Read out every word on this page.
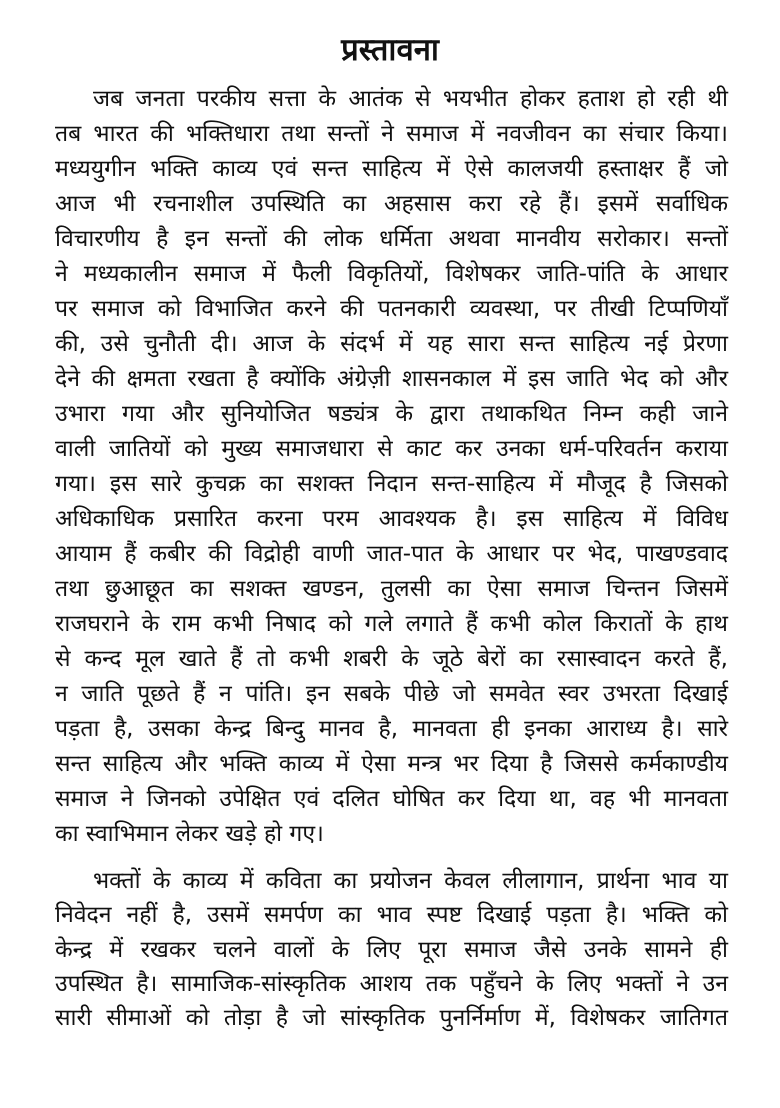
प्रस्तावना
जब जनता परकीय सत्ता के आतंक से भयभीत होकर हताश हो रही थी
तब भारत की भक्तिधारा तथा सन्तों ने समाज में नवजीवन का संचार किया।
मध्ययुगीन भक्ति काव्य एवं सन्त साहित्य में ऐसे कालजयी हस्ताक्षर हैं जो
आज भी रचनाशील उपस्थिति का अहसास करा रहे हैं। इसमें सर्वाधिक
विचारणीय है इन सन्तों की लोक धर्मिता अथवा मानवीय सरोकार। सन्तों
ने मध्यकालीन समाज में फैली विकृतियों, विशेषकर जाति-पांति के आधार
पर समाज को विभाजित करने की पतनकारी व्यवस्था, पर तीखी टिप्पणियाँ
की, उसे चुनौती दी। आज के संदर्भ में यह सारा सन्त साहित्य नई प्रेरणा
देने की क्षमता रखता है क्योंकि अंग्रेज़ी शासनकाल में इस जाति भेद को और
उभारा गया और सुनियोजित षड्यंत्र के द्वारा तथाकथित निम्न कही जाने
वाली जातियों को मुख्य समाजधारा से काट कर उनका धर्म-परिवर्तन कराया
गया। इस सारे कुचक्र का सशक्त निदान सन्त-साहित्य में मौजूद है जिसको
अधिकाधिक प्रसारित करना परम आवश्यक है। इस साहित्य में विविध
आयाम हैं कबीर की विद्रोही वाणी जात-पात के आधार पर भेद, पाखण्डवाद
तथा छुआछूत का सशक्त खण्डन, तुलसी का ऐसा समाज चिन्तन जिसमें
राजघराने के राम कभी निषाद को गले लगाते हैं कभी कोल किरातों के हाथ
से कन्द मूल खाते हैं तो कभी शबरी के जूठे बेरों का रसास्वादन करते हैं,
न जाति पूछते हैं न पांति। इन सबके पीछे जो समवेत स्वर उभरता दिखाई
पड़ता है, उसका केन्द्र बिन्दु मानव है, मानवता ही इनका आराध्य है। सारे
सन्त साहित्य और भक्ति काव्य में ऐसा मन्त्र भर दिया है जिससे कर्मकाण्डीय
समाज ने जिनको उपेक्षित एवं दलित घोषित कर दिया था, वह भी मानवता
का स्वाभिमान लेकर खड़े हो गए।
भक्तों के काव्य में कविता का प्रयोजन केवल लीलागान, प्रार्थना भाव या
निवेदन नहीं है, उसमें समर्पण का भाव स्पष्ट दिखाई पड़ता है। भक्ति को
केन्द्र में रखकर चलने वालों के लिए पूरा समाज जैसे उनके सामने ही
उपस्थित है। सामाजिक-सांस्कृतिक आशय तक पहुँचने के लिए भक्तों ने उन
सारी सीमाओं को तोड़ा है जो सांस्कृतिक पुनर्निर्माण में, विशेषकर जातिगत
